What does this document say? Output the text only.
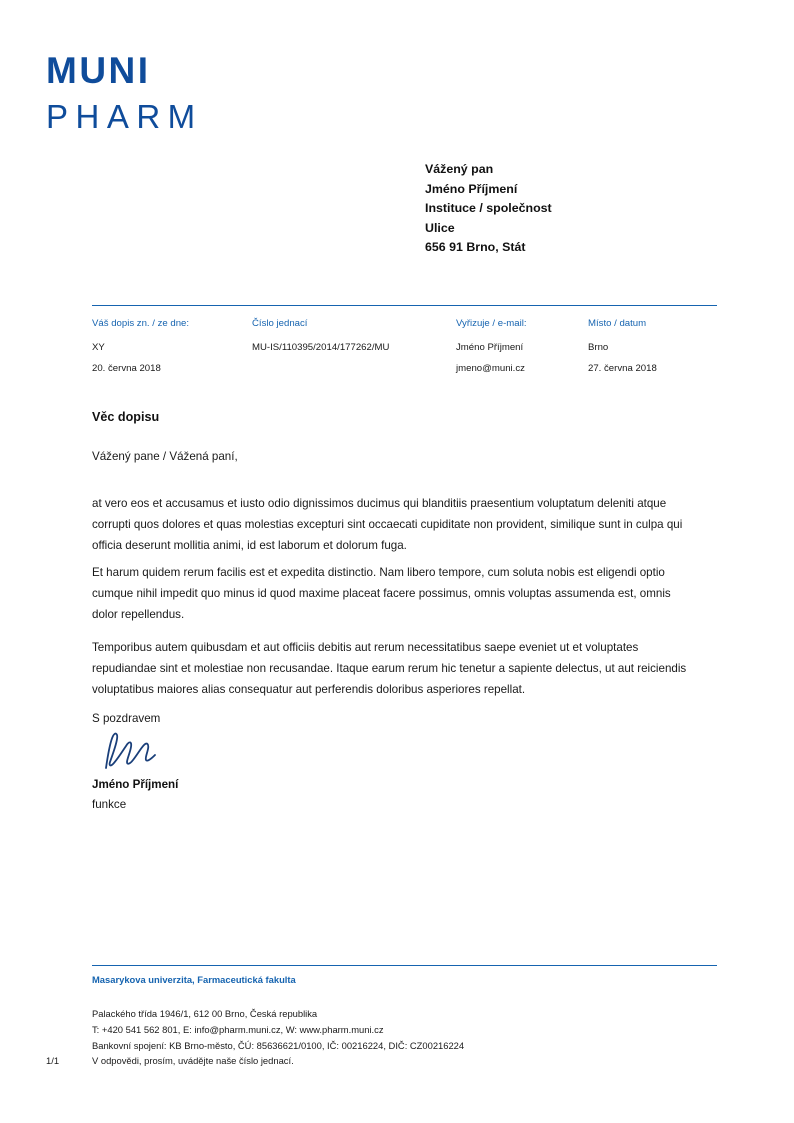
MUNI
PHARM
Vážený pan
Jméno Příjmení
Instituce / společnost
Ulice
656 91 Brno, Stát
Váš dopis zn. / ze dne:
XY
20. června 2018
Číslo jednací
MU-IS/110395/2014/177262/MU
Vyřizuje / e-mail:
Jméno Příjmení
jmeno@muni.cz
Místo / datum
Brno
27. června 2018
Věc dopisu
Vážený pane / Vážená paní,
at vero eos et accusamus et iusto odio dignissimos ducimus qui blanditiis praesentium voluptatum deleniti atque corrupti quos dolores et quas molestias excepturi sint occaecati cupiditate non provident, similique sunt in culpa qui officia deserunt mollitia animi, id est laborum et dolorum fuga.
Et harum quidem rerum facilis est et expedita distinctio. Nam libero tempore, cum soluta nobis est eligendi optio cumque nihil impedit quo minus id quod maxime placeat facere possimus, omnis voluptas assumenda est, omnis dolor repellendus.
Temporibus autem quibusdam et aut officiis debitis aut rerum necessitatibus saepe eveniet ut et voluptates repudiandae sint et molestiae non recusandae. Itaque earum rerum hic tenetur a sapiente delectus, ut aut reiciendis voluptatibus maiores alias consequatur aut perferendis doloribus asperiores repellat.
S pozdravem
Jméno Příjmení
funkce
Masarykova univerzita, Farmaceutická fakulta
Palackého třída 1946/1, 612 00 Brno, Česká republika
T: +420 541 562 801, E: info@pharm.muni.cz, W: www.pharm.muni.cz
Bankovní spojení: KB Brno-město, ČÚ: 85636621/0100, IČ: 00216224, DIČ: CZ00216224
V odpovědi, prosím, uvádějte naše číslo jednací.
1/1
